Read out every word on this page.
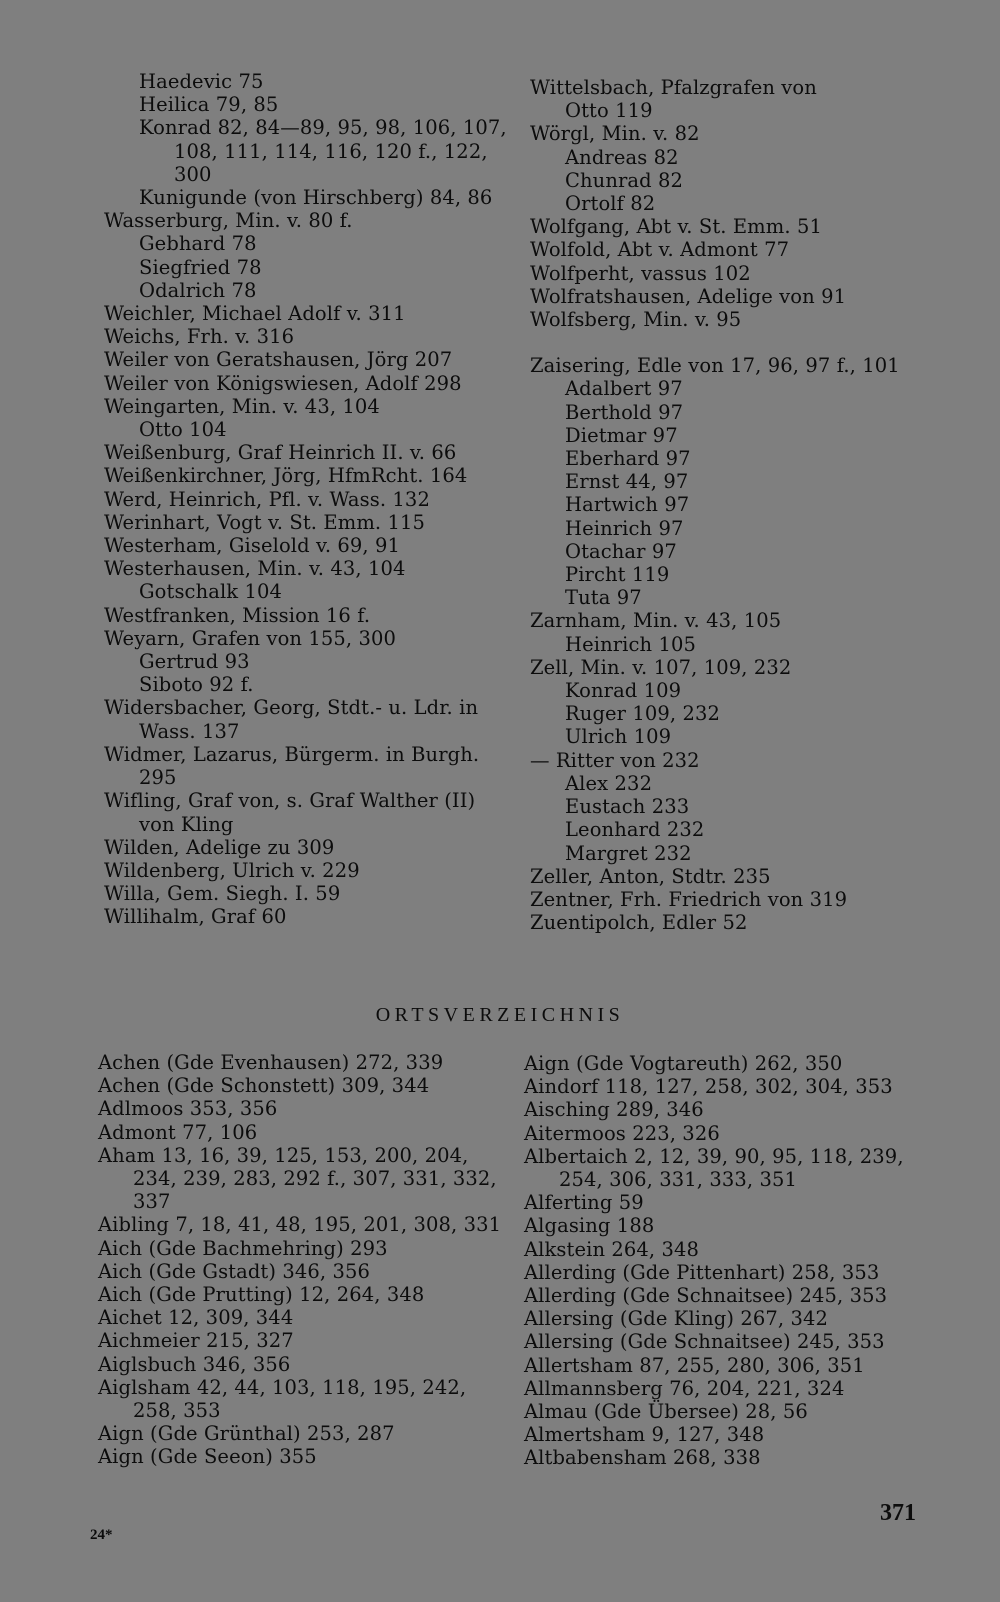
Haedevic 75
Heilica 79, 85
Konrad 82, 84—89, 95, 98, 106, 107,
108, 111, 114, 116, 120 f., 122,
300
Kunigunde (von Hirschberg) 84, 86
Wasserburg, Min. v. 80 f.
Gebhard 78
Siegfried 78
Odalrich 78
Weichler, Michael Adolf v. 311
Weichs, Frh. v. 316
Weiler von Geratshausen, Jörg 207
Weiler von Königswiesen, Adolf 298
Weingarten, Min. v. 43, 104
Otto 104
Weißenburg, Graf Heinrich II. v. 66
Weißenkirchner, Jörg, HfmRcht. 164
Werd, Heinrich, Pfl. v. Wass. 132
Werinhart, Vogt v. St. Emm. 115
Westerham, Giselold v. 69, 91
Westerhausen, Min. v. 43, 104
Gotschalk 104
Westfranken, Mission 16 f.
Weyarn, Grafen von 155, 300
Gertrud 93
Sibоto 92 f.
Widersbacher, Georg, Stdt.- u. Ldr. in
Wass. 137
Widmer, Lazarus, Bürgerm. in Burgh.
295
Wifling, Graf von, s. Graf Walther (II)
von Kling
Wilden, Adelige zu 309
Wildenberg, Ulrich v. 229
Willa, Gem. Siegh. I. 59
Willihalm, Graf 60
Wittelsbach, Pfalzgrafen von
Otto 119
Wörgl, Min. v. 82
Andreas 82
Chunrad 82
Ortolf 82
Wolfgang, Abt v. St. Emm. 51
Wolfold, Abt v. Admont 77
Wolfperht, vassus 102
Wolfratshausen, Adelige von 91
Wolfsberg, Min. v. 95
Zaisering, Edle von 17, 96, 97 f., 101
Adalbert 97
Berthold 97
Dietmar 97
Eberhard 97
Ernst 44, 97
Hartwich 97
Heinrich 97
Otachar 97
Pircht 119
Tuta 97
Zarnham, Min. v. 43, 105
Heinrich 105
Zell, Min. v. 107, 109, 232
Konrad 109
Ruger 109, 232
Ulrich 109
— Ritter von 232
Alex 232
Eustach 233
Leonhard 232
Margret 232
Zeller, Anton, Stdtr. 235
Zentner, Frh. Friedrich von 319
Zuentipolch, Edler 52
ORTSVERZEICHNIS
Achen (Gde Evenhausen) 272, 339
Achen (Gde Schonstett) 309, 344
Adlmoos 353, 356
Admont 77, 106
Aham 13, 16, 39, 125, 153, 200, 204,
234, 239, 283, 292 f., 307, 331, 332,
337
Aibling 7, 18, 41, 48, 195, 201, 308, 331
Aich (Gde Bachmehring) 293
Aich (Gde Gstadt) 346, 356
Aich (Gde Prutting) 12, 264, 348
Aichet 12, 309, 344
Aichmeier 215, 327
Aiglsbuch 346, 356
Aiglsham 42, 44, 103, 118, 195, 242,
258, 353
Aign (Gde Grünthal) 253, 287
Aign (Gde Seeon) 355
Aign (Gde Vogtareuth) 262, 350
Aindorf 118, 127, 258, 302, 304, 353
Aisching 289, 346
Aitermoos 223, 326
Albertaich 2, 12, 39, 90, 95, 118, 239,
254, 306, 331, 333, 351
Alferting 59
Algasing 188
Alkstein 264, 348
Allerding (Gde Pittenhart) 258, 353
Allerding (Gde Schnaitsee) 245, 353
Allersing (Gde Kling) 267, 342
Allersing (Gde Schnaitsee) 245, 353
Allertsham 87, 255, 280, 306, 351
Allmannsberg 76, 204, 221, 324
Almau (Gde Übersee) 28, 56
Almertsham 9, 127, 348
Altbabensham 268, 338
371
24*
